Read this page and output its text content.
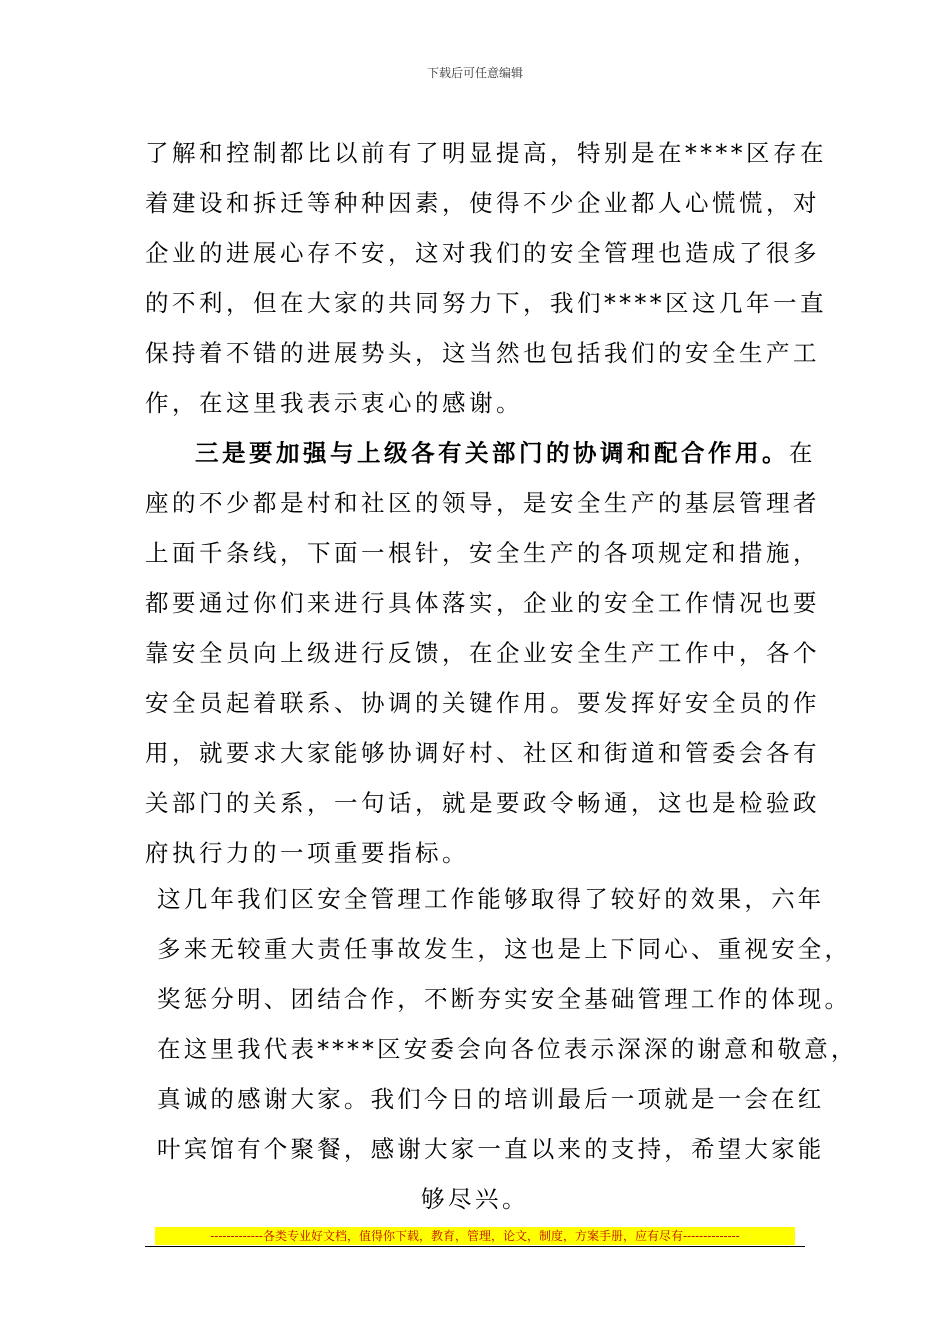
下载后可任意编辑
了解和控制都比以前有了明显提高，特别是在****区存在
着建设和拆迁等种种因素，使得不少企业都人心慌慌，对
企业的进展心存不安，这对我们的安全管理也造成了很多
的不利，但在大家的共同努力下，我们****区这几年一直
保持着不错的进展势头，这当然也包括我们的安全生产工
作，在这里我表示衷心的感谢。
三是要加强与上级各有关部门的协调和配合作用。在
座的不少都是村和社区的领导，是安全生产的基层管理者
上面千条线，下面一根针，安全生产的各项规定和措施，
都要通过你们来进行具体落实，企业的安全工作情况也要
靠安全员向上级进行反馈，在企业安全生产工作中，各个
安全员起着联系、协调的关键作用。要发挥好安全员的作
用，就要求大家能够协调好村、社区和街道和管委会各有
关部门的关系，一句话，就是要政令畅通，这也是检验政
府执行力的一项重要指标。
这几年我们区安全管理工作能够取得了较好的效果，六年
多来无较重大责任事故发生，这也是上下同心、重视安全，
奖惩分明、团结合作，不断夯实安全基础管理工作的体现。
在这里我代表****区安委会向各位表示深深的谢意和敬意，
真诚的感谢大家。我们今日的培训最后一项就是一会在红
叶宾馆有个聚餐，感谢大家一直以来的支持，希望大家能
够尽兴。
-------------各类专业好文档，值得你下载，教育，管理，论文，制度，方案手册，应有尽有--------------
